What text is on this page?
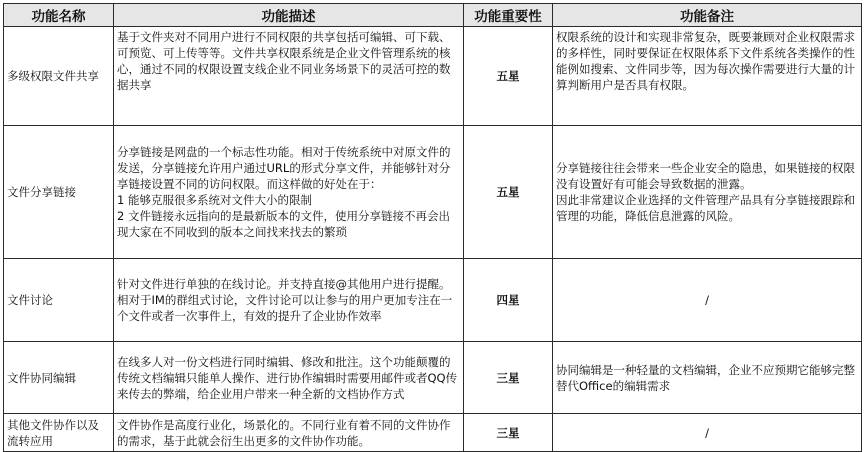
功能名称	功能描述	功能重要性	功能备注
多级权限文件共享	基于文件夹对不同用户进行不同权限的共享包括可编辑、可下载、可预览、可上传等等。文件共享权限系统是企业文件管理系统的核心，通过不同的权限设置支线企业不同业务场景下的灵活可控的数据共享	五星	权限系统的设计和实现非常复杂，既要兼顾对企业权限需求的多样性，同时要保证在权限体系下文件系统各类操作的性能例如搜索、文件同步等，因为每次操作需要进行大量的计算判断用户是否具有权限。

文件分享链接	分享链接是网盘的一个标志性功能。相对于传统系统中对原文件的发送，分享链接允许用户通过URL的形式分享文件，并能够针对分享链接设置不同的访问权限。而这样做的好处在于：
1 能够克服很多系统对文件大小的限制
2 文件链接永远指向的是最新版本的文件，使用分享链接不再会出现大家在不同收到的版本之间找来找去的繁琐	五星	分享链接往往会带来一些企业安全的隐患，如果链接的权限没有设置好有可能会导致数据的泄露。
因此非常建议企业选择的文件管理产品具有分享链接跟踪和管理的功能，降低信息泄露的风险。

文件讨论	针对文件进行单独的在线讨论。并支持直接@其他用户进行提醒。相对于IM的群组式讨论，文件讨论可以让参与的用户更加专注在一个文件或者一次事件上，有效的提升了企业协作效率	四星	/

文件协同编辑	在线多人对一份文档进行同时编辑、修改和批注。这个功能颠覆的传统文档编辑只能单人操作、进行协作编辑时需要用邮件或者QQ传来传去的弊端，给企业用户带来一种全新的文档协作方式	三星	协同编辑是一种轻量的文档编辑，企业不应预期它能够完整替代Office的编辑需求

其他文件协作以及流转应用	文件协作是高度行业化，场景化的。不同行业有着不同的文件协作的需求，基于此就会衍生出更多的文件协作功能。	三星	/
